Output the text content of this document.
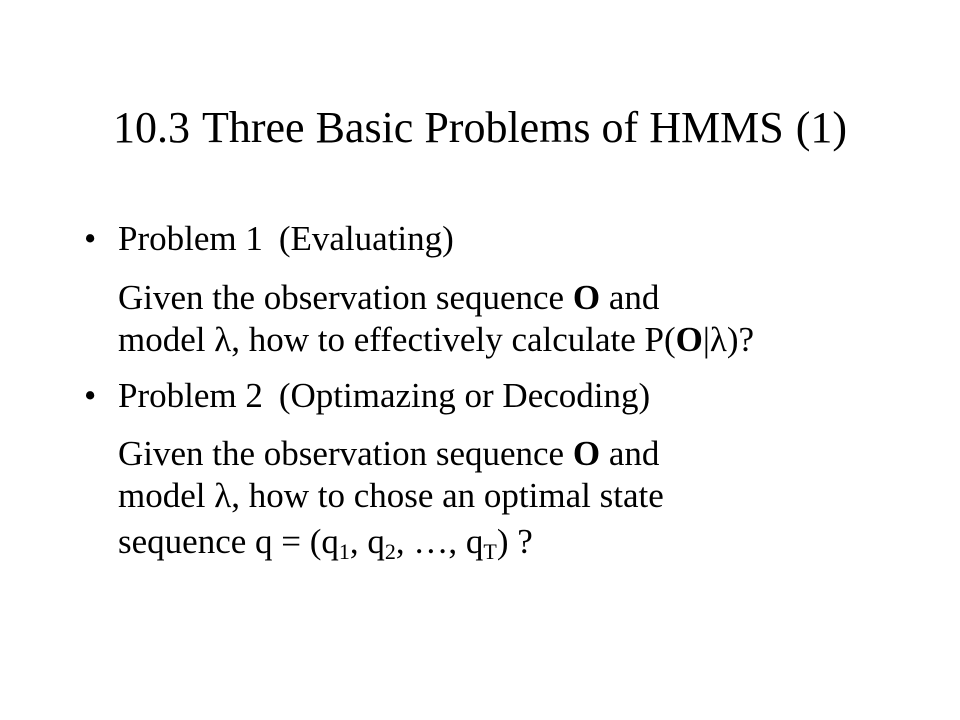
10.3 Three Basic Problems of HMMS (1)
• Problem 1 (Evaluating)
Given the observation sequence O and
model λ, how to effectively calculate P(O|λ)?
• Problem 2 (Optimazing or Decoding)
Given the observation sequence O and
model λ, how to chose an optimal state
sequence $q = (q_1$, $q_2$, …, $q_T$) ?
